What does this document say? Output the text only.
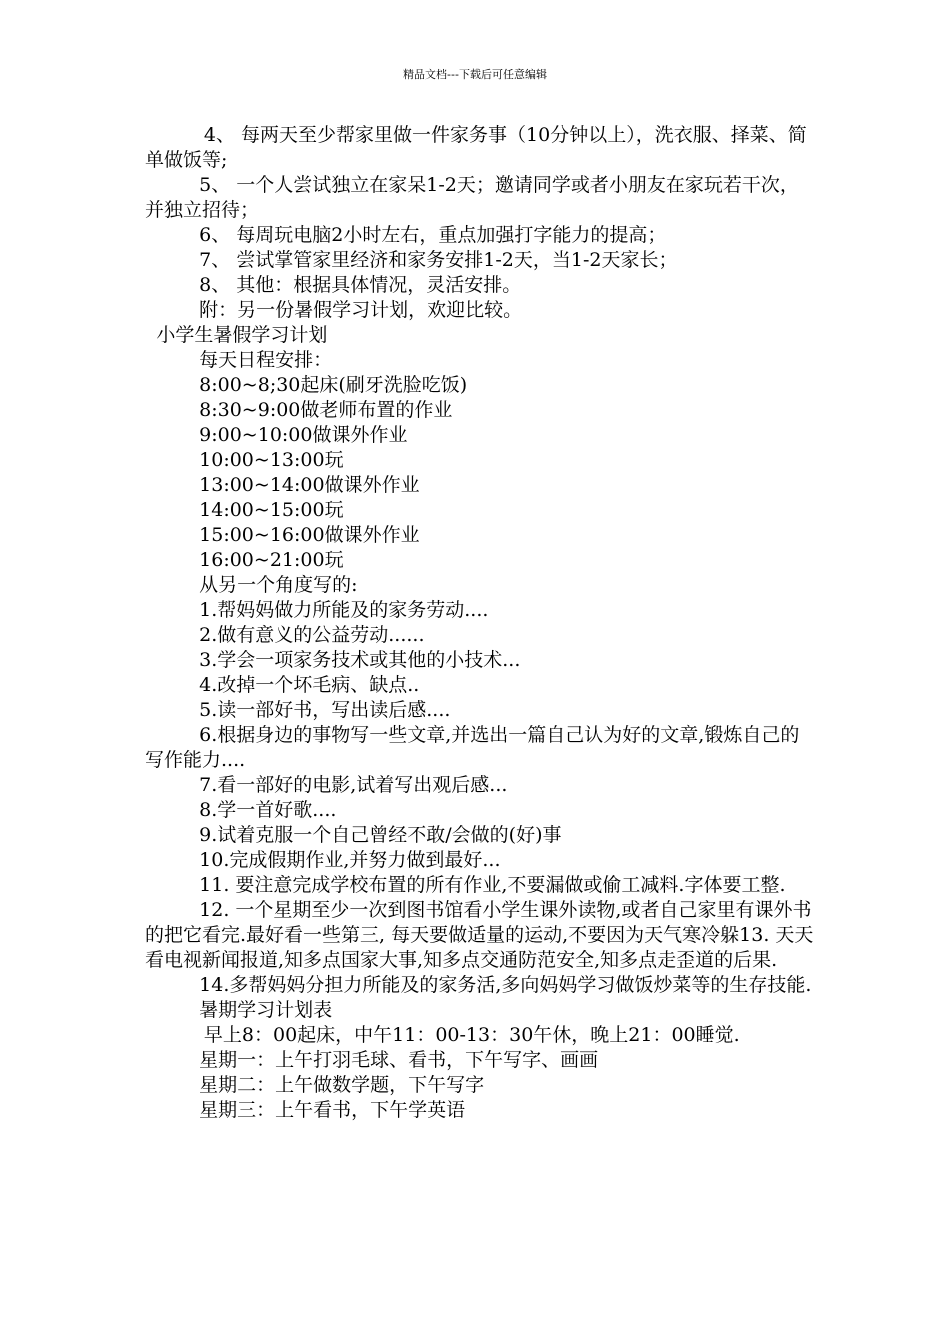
精品文档---下载后可任意编辑

4、 每两天至少帮家里做一件家务事（10分钟以上），洗衣服、择菜、简单做饭等;

5、 一个人尝试独立在家呆1-2天；邀请同学或者小朋友在家玩若干次，并独立招待；

6、 每周玩电脑2小时左右，重点加强打字能力的提高；

7、 尝试掌管家里经济和家务安排1-2天，当1-2天家长；

8、 其他：根据具体情况，灵活安排。

附：另一份暑假学习计划，欢迎比较。

小学生暑假学习计划

每天日程安排：

8:00~8;30起床(刷牙洗脸吃饭)

8:30~9:00做老师布置的作业

9:00~10:00做课外作业

10:00~13:00玩

13:00~14:00做课外作业

14:00~15:00玩

15:00~16:00做课外作业

16:00~21:00玩

从另一个角度写的:

1.帮妈妈做力所能及的家务劳动....

2.做有意义的公益劳动......

3.学会一项家务技术或其他的小技术...

4.改掉一个坏毛病、缺点..

5.读一部好书，写出读后感....

6.根据身边的事物写一些文章,并选出一篇自己认为好的文章,锻炼自己的写作能力....

7.看一部好的电影,试着写出观后感...

8.学一首好歌....

9.试着克服一个自己曾经不敢/会做的(好)事

10.完成假期作业,并努力做到最好...

11. 要注意完成学校布置的所有作业,不要漏做或偷工减料.字体要工整.

12. 一个星期至少一次到图书馆看小学生课外读物,或者自己家里有课外书的把它看完.最好看一些第三, 每天要做适量的运动,不要因为天气寒冷躲13. 天天看电视新闻报道,知多点国家大事,知多点交通防范安全,知多点走歪道的后果.

14.多帮妈妈分担力所能及的家务活,多向妈妈学习做饭炒菜等的生存技能.

暑期学习计划表

早上8：00起床，中午11：00-13：30午休，晚上21：00睡觉.

星期一：上午打羽毛球、看书，下午写字、画画

星期二：上午做数学题，下午写字

星期三：上午看书，下午学英语
